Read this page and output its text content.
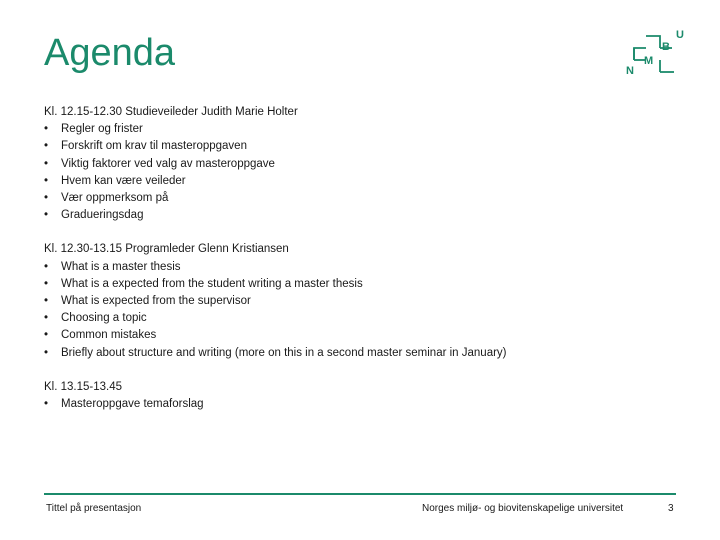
Agenda	U
B
M
N
Kl. 12.15-12.30 Studieveileder Judith Marie Holter
• Regler og frister
• Forskrift om krav til masteroppgaven
• Viktig faktorer ved valg av masteroppgave
• Hvem kan være veileder
• Vær oppmerksom på
• Gradueringsdag
Kl. 12.30-13.15 Programleder Glenn Kristiansen
• What is a master thesis
• What is a expected from the student writing a master thesis
• What is expected from the supervisor
• Choosing a topic
• Common mistakes
• Briefly about structure and writing (more on this in a second master seminar in January)
Kl. 13.15-13.45
• Masteroppgave temaforslag
Tittel på presentasjon	Norges miljø- og biovitenskapelige universitet	3
